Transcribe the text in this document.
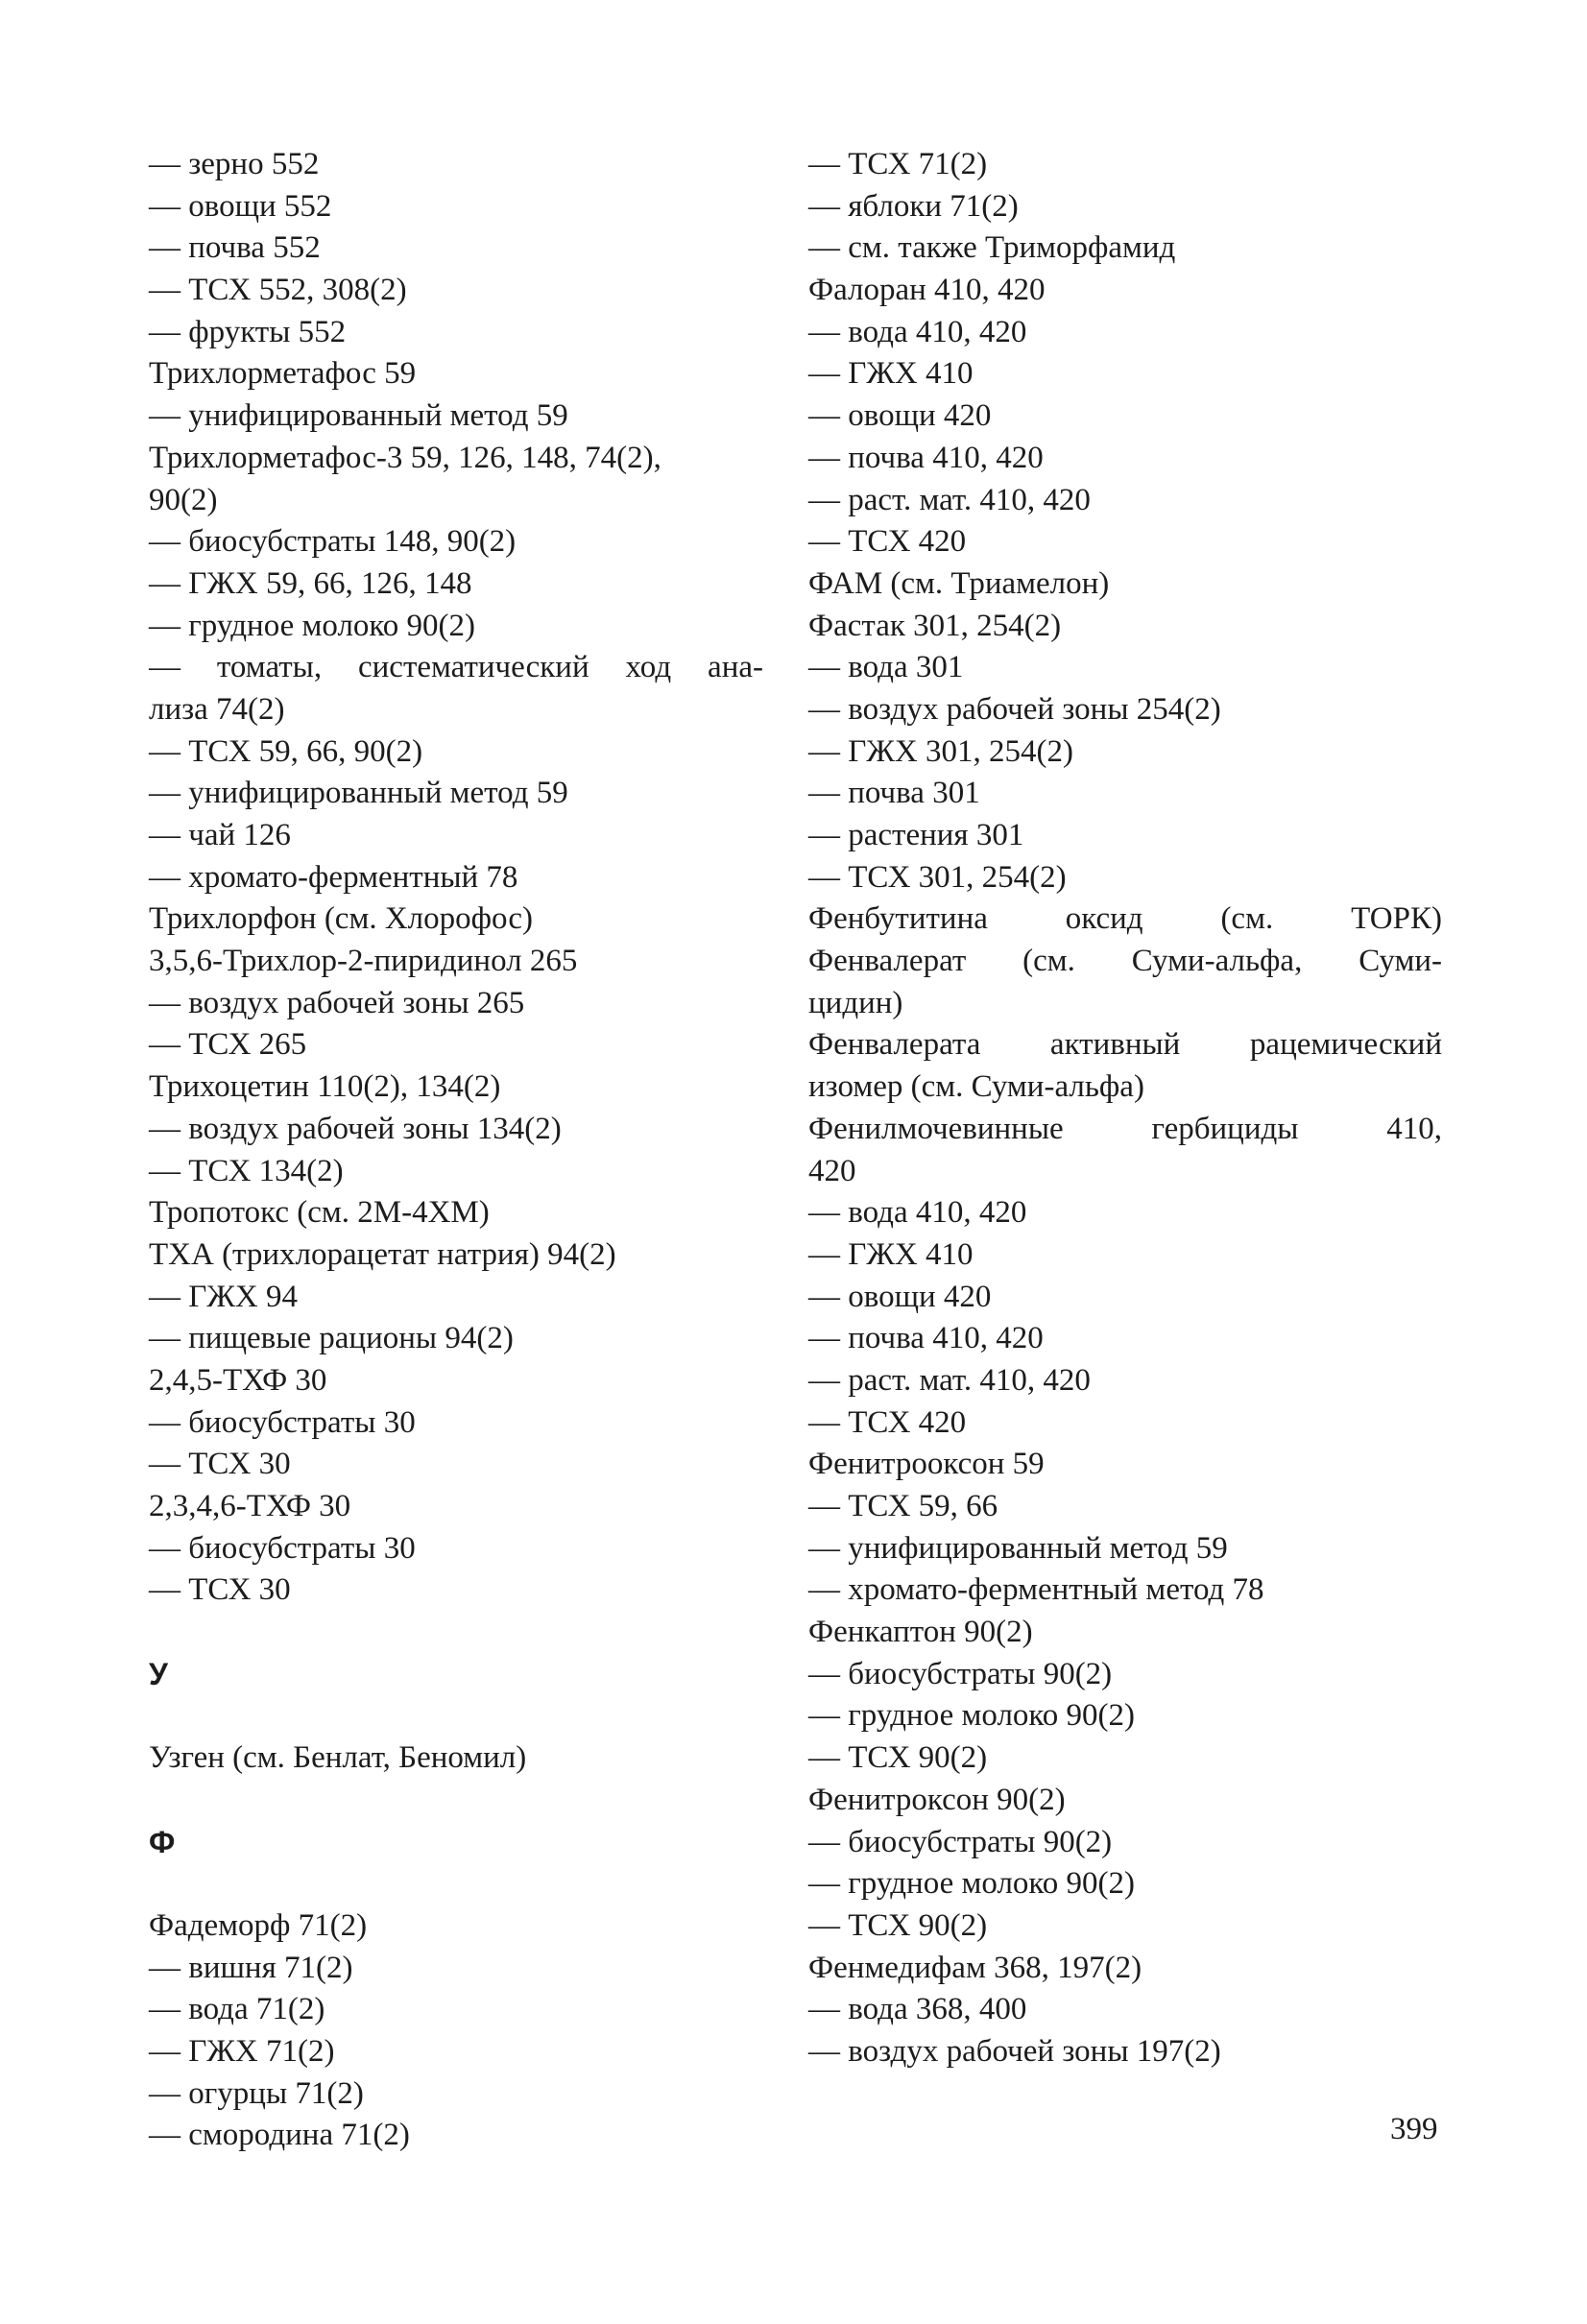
— зерно 552
— овощи 552
— почва 552
— ТСХ 552, 308(2)
— фрукты 552
Трихлорметафос 59
— унифицированный метод 59
Трихлорметафос-3 59, 126, 148, 74(2),
90(2)
— биосубстраты 148, 90(2)
— ГЖХ 59, 66, 126, 148
— грудное молоко 90(2)
— томаты, систематический ход ана-
лиза 74(2)
— ТСХ 59, 66, 90(2)
— унифицированный метод 59
— чай 126
— хромато-ферментный 78
Трихлорфон (см. Хлорофос)
3,5,6-Трихлор-2-пиридинол 265
— воздух рабочей зоны 265
— ТСХ 265
Трихоцетин 110(2), 134(2)
— воздух рабочей зоны 134(2)
— ТСХ 134(2)
Тропотокс (см. 2М-4ХМ)
ТХА (трихлорацетат натрия) 94(2)
— ГЖХ 94
— пищевые рационы 94(2)
2,4,5-ТХФ 30
— биосубстраты 30
— ТСХ 30
2,3,4,6-ТХФ 30
— биосубстраты 30
— ТСХ 30
У
Узген (см. Бенлат, Беномил)
Ф
Фадеморф 71(2)
— вишня 71(2)
— вода 71(2)
— ГЖХ 71(2)
— огурцы 71(2)
— смородина 71(2)
— ТСХ 71(2)
— яблоки 71(2)
— см. также Триморфамид
Фалоран 410, 420
— вода 410, 420
— ГЖХ 410
— овощи 420
— почва 410, 420
— раст. мат. 410, 420
— ТСХ 420
ФАМ (см. Триамелон)
Фастак 301, 254(2)
— вода 301
— воздух рабочей зоны 254(2)
— ГЖХ 301, 254(2)
— почва 301
— растения 301
— ТСХ 301, 254(2)
Фенбутитина оксид (см. ТОРК)
Фенвалерат (см. Суми-альфа, Суми-
цидин)
Фенвалерата активный рацемический
изомер (см. Суми-альфа)
Фенилмочевинные гербициды 410,
420
— вода 410, 420
— ГЖХ 410
— овощи 420
— почва 410, 420
— раст. мат. 410, 420
— ТСХ 420
Фенитрооксон 59
— ТСХ 59, 66
— унифицированный метод 59
— хромато-ферментный метод 78
Фенкаптон 90(2)
— биосубстраты 90(2)
— грудное молоко 90(2)
— ТСХ 90(2)
Фенитроксон 90(2)
— биосубстраты 90(2)
— грудное молоко 90(2)
— ТСХ 90(2)
Фенмедифам 368, 197(2)
— вода 368, 400
— воздух рабочей зоны 197(2)
399
